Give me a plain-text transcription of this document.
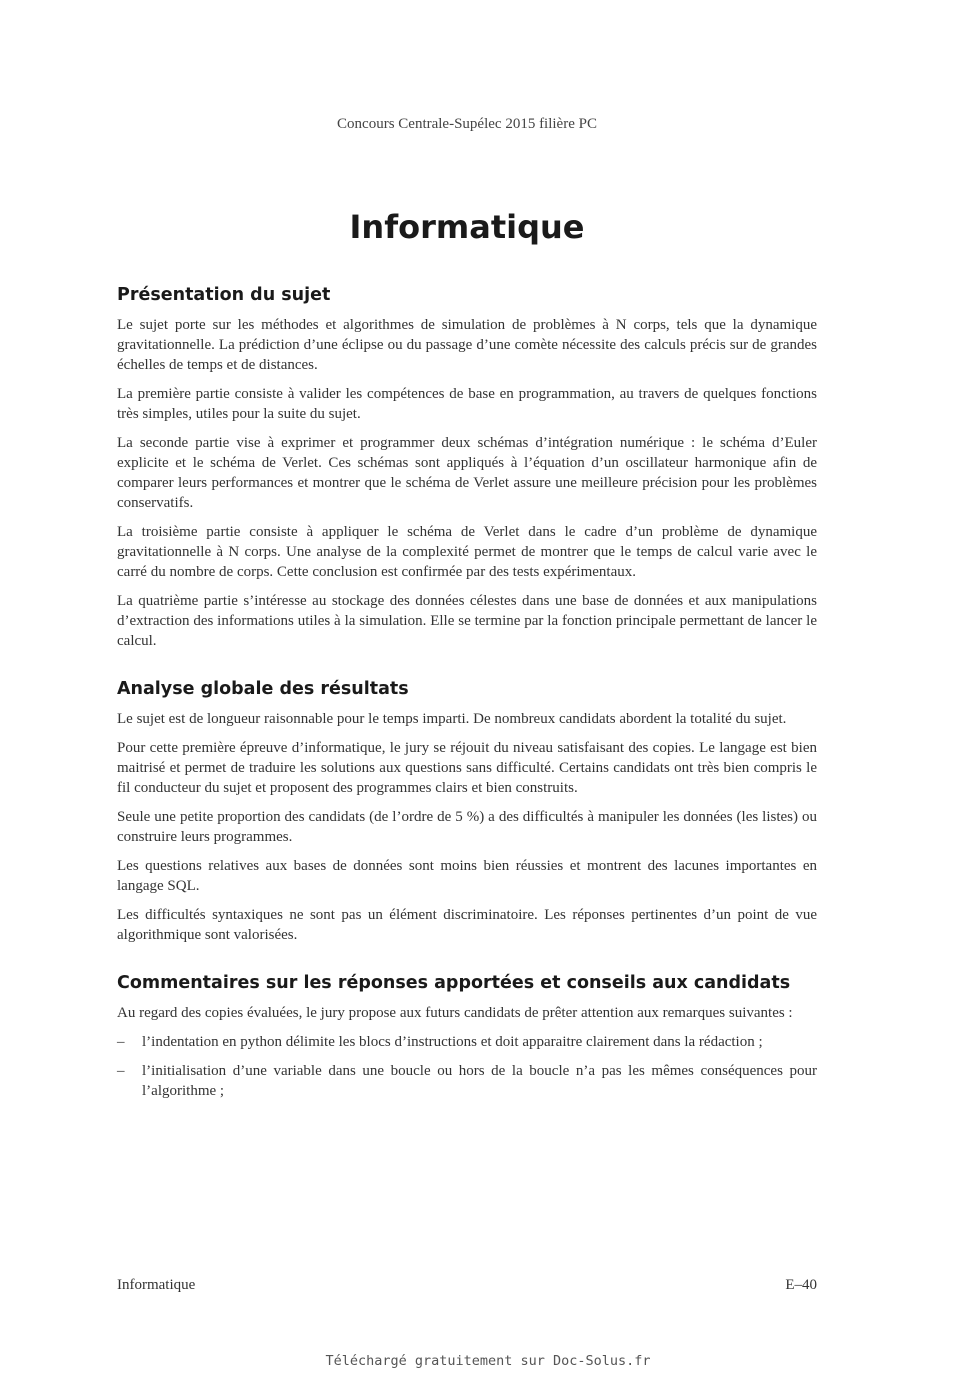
Concours Centrale-Supélec 2015 filière PC
Informatique
Présentation du sujet

Le sujet porte sur les méthodes et algorithmes de simulation de problèmes à N corps, tels que la dynamique gravitationnelle. La prédiction d’une éclipse ou du passage d’une comète nécessite des calculs précis sur de grandes échelles de temps et de distances.

La première partie consiste à valider les compétences de base en programmation, au travers de quelques fonctions très simples, utiles pour la suite du sujet.

La seconde partie vise à exprimer et programmer deux schémas d’intégration numérique : le schéma d’Euler explicite et le schéma de Verlet. Ces schémas sont appliqués à l’équation d’un oscillateur harmonique afin de comparer leurs performances et montrer que le schéma de Verlet assure une meilleure précision pour les problèmes conservatifs.

La troisième partie consiste à appliquer le schéma de Verlet dans le cadre d’un problème de dynamique gravitationnelle à N corps. Une analyse de la complexité permet de montrer que le temps de calcul varie avec le carré du nombre de corps. Cette conclusion est confirmée par des tests expérimentaux.

La quatrième partie s’intéresse au stockage des données célestes dans une base de données et aux manipulations d’extraction des informations utiles à la simulation. Elle se termine par la fonction principale permettant de lancer le calcul.

Analyse globale des résultats

Le sujet est de longueur raisonnable pour le temps imparti. De nombreux candidats abordent la totalité du sujet.

Pour cette première épreuve d’informatique, le jury se réjouit du niveau satisfaisant des copies. Le langage est bien maitrisé et permet de traduire les solutions aux questions sans difficulté. Certains candidats ont très bien compris le fil conducteur du sujet et proposent des programmes clairs et bien construits.

Seule une petite proportion des candidats (de l’ordre de 5 %) a des difficultés à manipuler les données (les listes) ou construire leurs programmes.

Les questions relatives aux bases de données sont moins bien réussies et montrent des lacunes importantes en langage SQL.

Les difficultés syntaxiques ne sont pas un élément discriminatoire. Les réponses pertinentes d’un point de vue algorithmique sont valorisées.

Commentaires sur les réponses apportées et conseils aux candidats

Au regard des copies évaluées, le jury propose aux futurs candidats de prêter attention aux remarques suivantes :

– l’indentation en python délimite les blocs d’instructions et doit apparaitre clairement dans la rédaction ;
– l’initialisation d’une variable dans une boucle ou hors de la boucle n’a pas les mêmes conséquences pour l’algorithme ;
Informatique	E–40
Téléchargé gratuitement sur Doc-Solus.fr
